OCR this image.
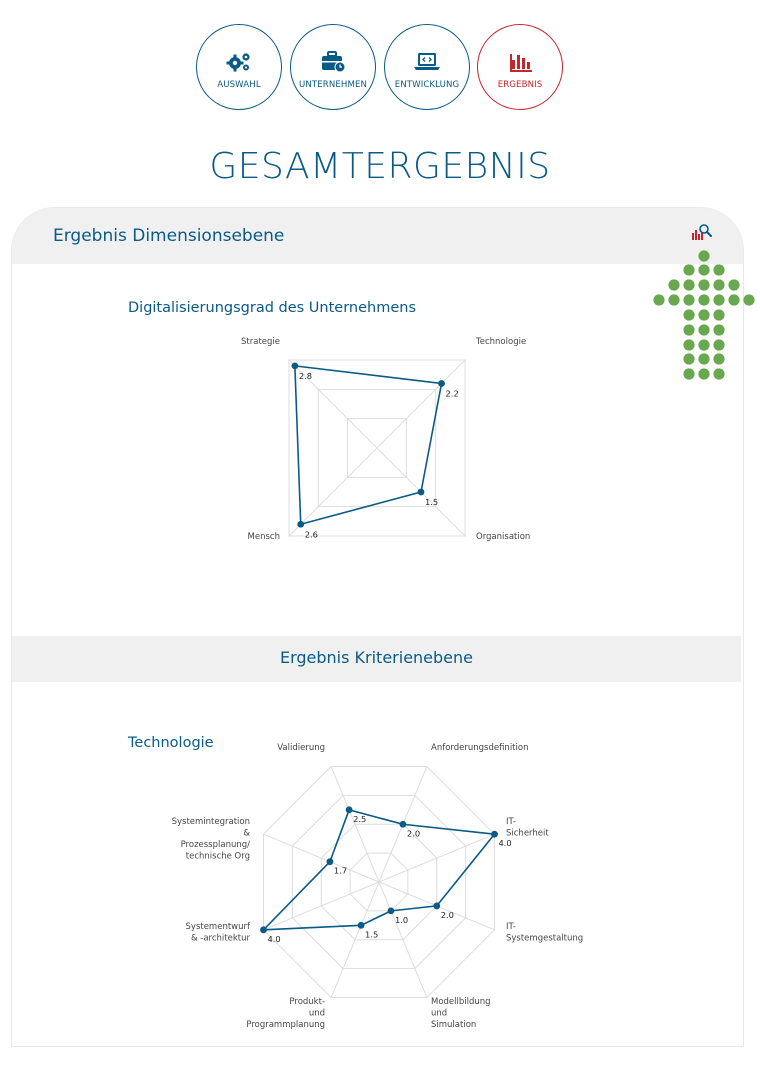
AUSWAHL	UNTERNEHMEN	ENTWICKLUNG	ERGEBNIS
GESAMTERGEBNIS
Ergebnis Dimensionsebene
Digitalisierungsgrad des Unternehmens
2.8
2.2
1.5
2.6
Strategie	Technologie
Organisation
Mensch
Ergebnis Kriterienebene
Technologie
2.0
4.0
2.0
1.0
1.5
4.0
1.7
2.5
Anforderungsdefinition
IT-Sicherheit
IT-Systemgestaltung
Modellbildung und Simulation
Produkt-und Programmplanung
Systementwurf & -architektur
Systemintegration & Prozessplanung/ technische Org
Validierung
